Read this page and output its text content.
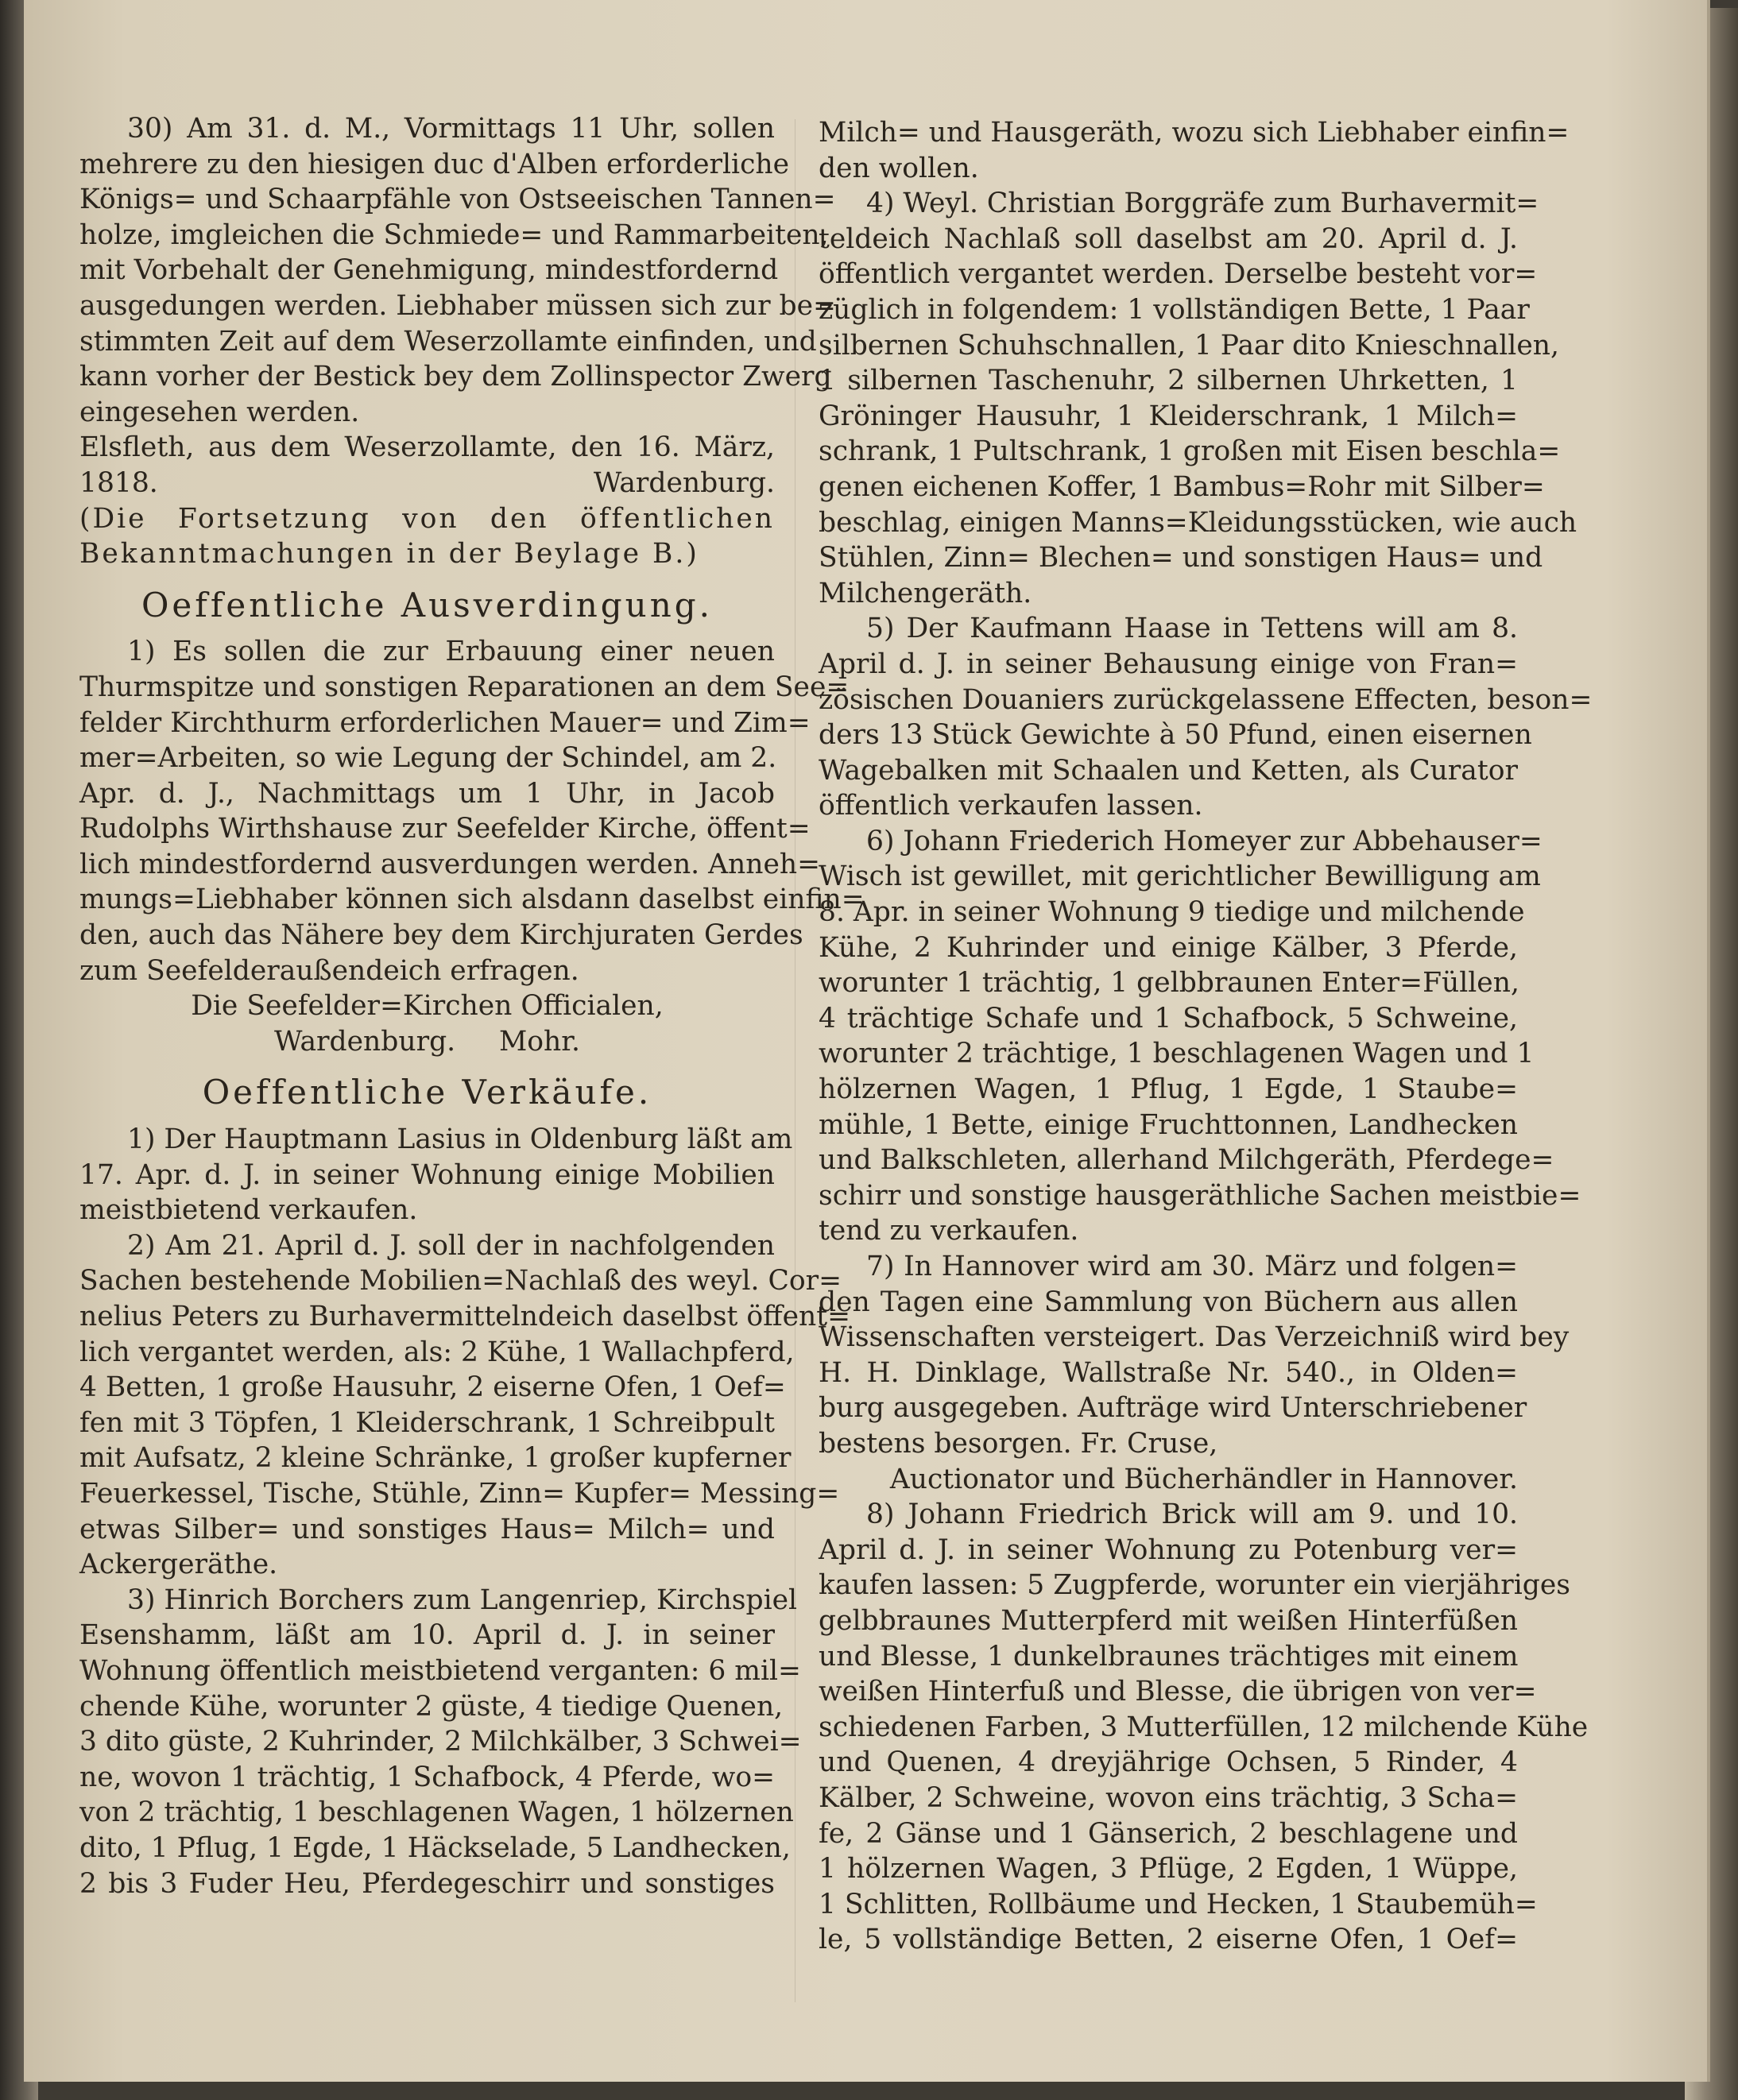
30) Am 31. d. M., Vormittags 11 Uhr, sollen
mehrere zu den hiesigen duc d'Alben erforderliche
Königs= und Schaarpfähle von Ostseeischen Tannen=
holze, imgleichen die Schmiede= und Rammarbeiten,
mit Vorbehalt der Genehmigung, mindestfordernd
ausgedungen werden. Liebhaber müssen sich zur be=
stimmten Zeit auf dem Weserzollamte einfinden, und
kann vorher der Bestick bey dem Zollinspector Zwerg
eingesehen werden.
Elsfleth, aus dem Weserzollamte, den 16. März,
1818.	Wardenburg.
(Die Fortsetzung von den öffentlichen
Bekanntmachungen in der Beylage B.)
Oeffentliche Ausverdingung.
1) Es sollen die zur Erbauung einer neuen
Thurmspitze und sonstigen Reparationen an dem See=
felder Kirchthurm erforderlichen Mauer= und Zim=
mer=Arbeiten, so wie Legung der Schindel, am 2.
Apr. d. J., Nachmittags um 1 Uhr, in Jacob
Rudolphs Wirthshause zur Seefelder Kirche, öffent=
lich mindestfordernd ausverdungen werden. Anneh=
mungs=Liebhaber können sich alsdann daselbst einfin=
den, auch das Nähere bey dem Kirchjuraten Gerdes
zum Seefelderaußendeich erfragen.
Die Seefelder=Kirchen Officialen,
Wardenburg.     Mohr.
Oeffentliche Verkäufe.
1) Der Hauptmann Lasius in Oldenburg läßt am
17. Apr. d. J. in seiner Wohnung einige Mobilien
meistbietend verkaufen.
2) Am 21. April d. J. soll der in nachfolgenden
Sachen bestehende Mobilien=Nachlaß des weyl. Cor=
nelius Peters zu Burhavermittelndeich daselbst öffent=
lich vergantet werden, als: 2 Kühe, 1 Wallachpferd,
4 Betten, 1 große Hausuhr, 2 eiserne Ofen, 1 Oef=
fen mit 3 Töpfen, 1 Kleiderschrank, 1 Schreibpult
mit Aufsatz, 2 kleine Schränke, 1 großer kupferner
Feuerkessel, Tische, Stühle, Zinn= Kupfer= Messing=
etwas Silber= und sonstiges Haus= Milch= und
Ackergeräthe.
3) Hinrich Borchers zum Langenriep, Kirchspiel
Esenshamm, läßt am 10. April d. J. in seiner
Wohnung öffentlich meistbietend verganten: 6 mil=
chende Kühe, worunter 2 güste, 4 tiedige Quenen,
3 dito güste, 2 Kuhrinder, 2 Milchkälber, 3 Schwei=
ne, wovon 1 trächtig, 1 Schafbock, 4 Pferde, wo=
von 2 trächtig, 1 beschlagenen Wagen, 1 hölzernen
dito, 1 Pflug, 1 Egde, 1 Häckselade, 5 Landhecken,
2 bis 3 Fuder Heu, Pferdegeschirr und sonstiges
Milch= und Hausgeräth, wozu sich Liebhaber einfin=
den wollen.
4) Weyl. Christian Borggräfe zum Burhavermit=
teldeich Nachlaß soll daselbst am 20. April d. J.
öffentlich vergantet werden. Derselbe besteht vor=
züglich in folgendem: 1 vollständigen Bette, 1 Paar
silbernen Schuhschnallen, 1 Paar dito Knieschnallen,
1 silbernen Taschenuhr, 2 silbernen Uhrketten, 1
Gröninger Hausuhr, 1 Kleiderschrank, 1 Milch=
schrank, 1 Pultschrank, 1 großen mit Eisen beschla=
genen eichenen Koffer, 1 Bambus=Rohr mit Silber=
beschlag, einigen Manns=Kleidungsstücken, wie auch
Stühlen, Zinn= Blechen= und sonstigen Haus= und
Milchengeräth.
5) Der Kaufmann Haase in Tettens will am 8.
April d. J. in seiner Behausung einige von Fran=
zösischen Douaniers zurückgelassene Effecten, beson=
ders 13 Stück Gewichte à 50 Pfund, einen eisernen
Wagebalken mit Schaalen und Ketten, als Curator
öffentlich verkaufen lassen.
6) Johann Friederich Homeyer zur Abbehauser=
Wisch ist gewillet, mit gerichtlicher Bewilligung am
8. Apr. in seiner Wohnung 9 tiedige und milchende
Kühe, 2 Kuhrinder und einige Kälber, 3 Pferde,
worunter 1 trächtig, 1 gelbbraunen Enter=Füllen,
4 trächtige Schafe und 1 Schafbock, 5 Schweine,
worunter 2 trächtige, 1 beschlagenen Wagen und 1
hölzernen Wagen, 1 Pflug, 1 Egde, 1 Staube=
mühle, 1 Bette, einige Fruchttonnen, Landhecken
und Balkschleten, allerhand Milchgeräth, Pferdege=
schirr und sonstige hausgeräthliche Sachen meistbie=
tend zu verkaufen.
7) In Hannover wird am 30. März und folgen=
den Tagen eine Sammlung von Büchern aus allen
Wissenschaften versteigert. Das Verzeichniß wird bey
H. H. Dinklage, Wallstraße Nr. 540., in Olden=
burg ausgegeben. Aufträge wird Unterschriebener
bestens besorgen. Fr. Cruse,
Auctionator und Bücherhändler in Hannover.
8) Johann Friedrich Brick will am 9. und 10.
April d. J. in seiner Wohnung zu Potenburg ver=
kaufen lassen: 5 Zugpferde, worunter ein vierjähriges
gelbbraunes Mutterpferd mit weißen Hinterfüßen
und Blesse, 1 dunkelbraunes trächtiges mit einem
weißen Hinterfuß und Blesse, die übrigen von ver=
schiedenen Farben, 3 Mutterfüllen, 12 milchende Kühe
und Quenen, 4 dreyjährige Ochsen, 5 Rinder, 4
Kälber, 2 Schweine, wovon eins trächtig, 3 Scha=
fe, 2 Gänse und 1 Gänserich, 2 beschlagene und
1 hölzernen Wagen, 3 Pflüge, 2 Egden, 1 Wüppe,
1 Schlitten, Rollbäume und Hecken, 1 Staubemüh=
le, 5 vollständige Betten, 2 eiserne Ofen, 1 Oef=
